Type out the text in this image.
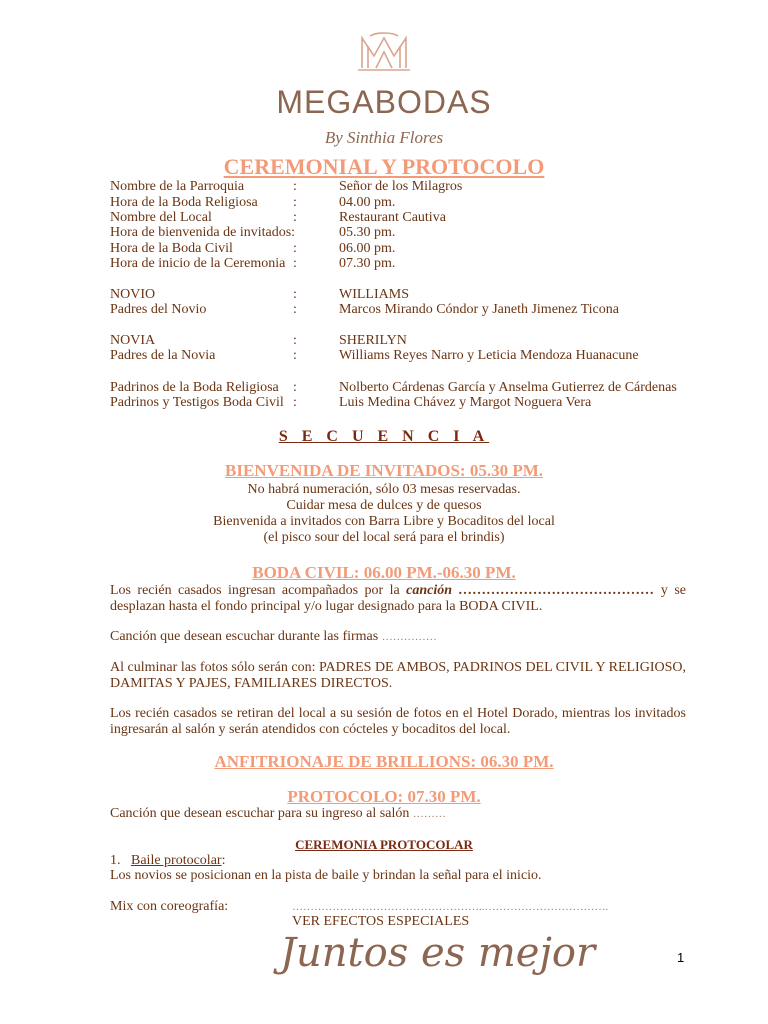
MEGABODAS
By Sinthia Flores
CEREMONIAL Y PROTOCOLO
Nombre de la Parroquia	:	Señor de los Milagros
Hora de la Boda Religiosa	:	04.00 pm.
Nombre del Local	:	Restaurant Cautiva
Hora de bienvenida de invitados:	05.30 pm.
Hora de la Boda Civil	:	06.00 pm.
Hora de inicio de la Ceremonia :	07.30 pm.
NOVIO	:	WILLIAMS
Padres del Novio	:	Marcos Mirando Cóndor y Janeth Jimenez Ticona
NOVIA	:	SHERILYN
Padres de la Novia	:	Williams Reyes Narro y Leticia Mendoza Huanacune
Padrinos de la Boda Religiosa :	Nolberto Cárdenas García y Anselma Gutierrez de Cárdenas
Padrinos y Testigos Boda Civil :	Luis Medina Chávez y Margot Noguera Vera
S E C U E N C I A
BIENVENIDA DE INVITADOS: 05.30 PM.
No habrá numeración, sólo 03 mesas reservadas.
Cuidar mesa de dulces y de quesos
Bienvenida a invitados con Barra Libre y Bocaditos del local
(el pisco sour del local será para el brindis)
BODA CIVIL: 06.00 PM.-06.30 PM.
Los recién casados ingresan acompañados por la canción …………………………………… y se desplazan hasta el fondo principal y/o lugar designado para la BODA CIVIL.
Canción que desean escuchar durante las firmas ……………
Al culminar las fotos sólo serán con: PADRES DE AMBOS, PADRINOS DEL CIVIL Y RELIGIOSO, DAMITAS Y PAJES, FAMILIARES DIRECTOS.
Los recién casados se retiran del local a su sesión de fotos en el Hotel Dorado, mientras los invitados ingresarán al salón y serán atendidos con cócteles y bocaditos del local.
ANFITRIONAJE DE BRILLIONS: 06.30 PM.
PROTOCOLO: 07.30 PM.
Canción que desean escuchar para su ingreso al salón ………
CEREMONIA PROTOCOLAR
1. Baile protocolar:
Los novios se posicionan en la pista de baile y brindan la señal para el inicio.
Mix con coreografía:	……………………………………………..…………………………….
VER EFECTOS ESPECIALES
Juntos es mejor	1
